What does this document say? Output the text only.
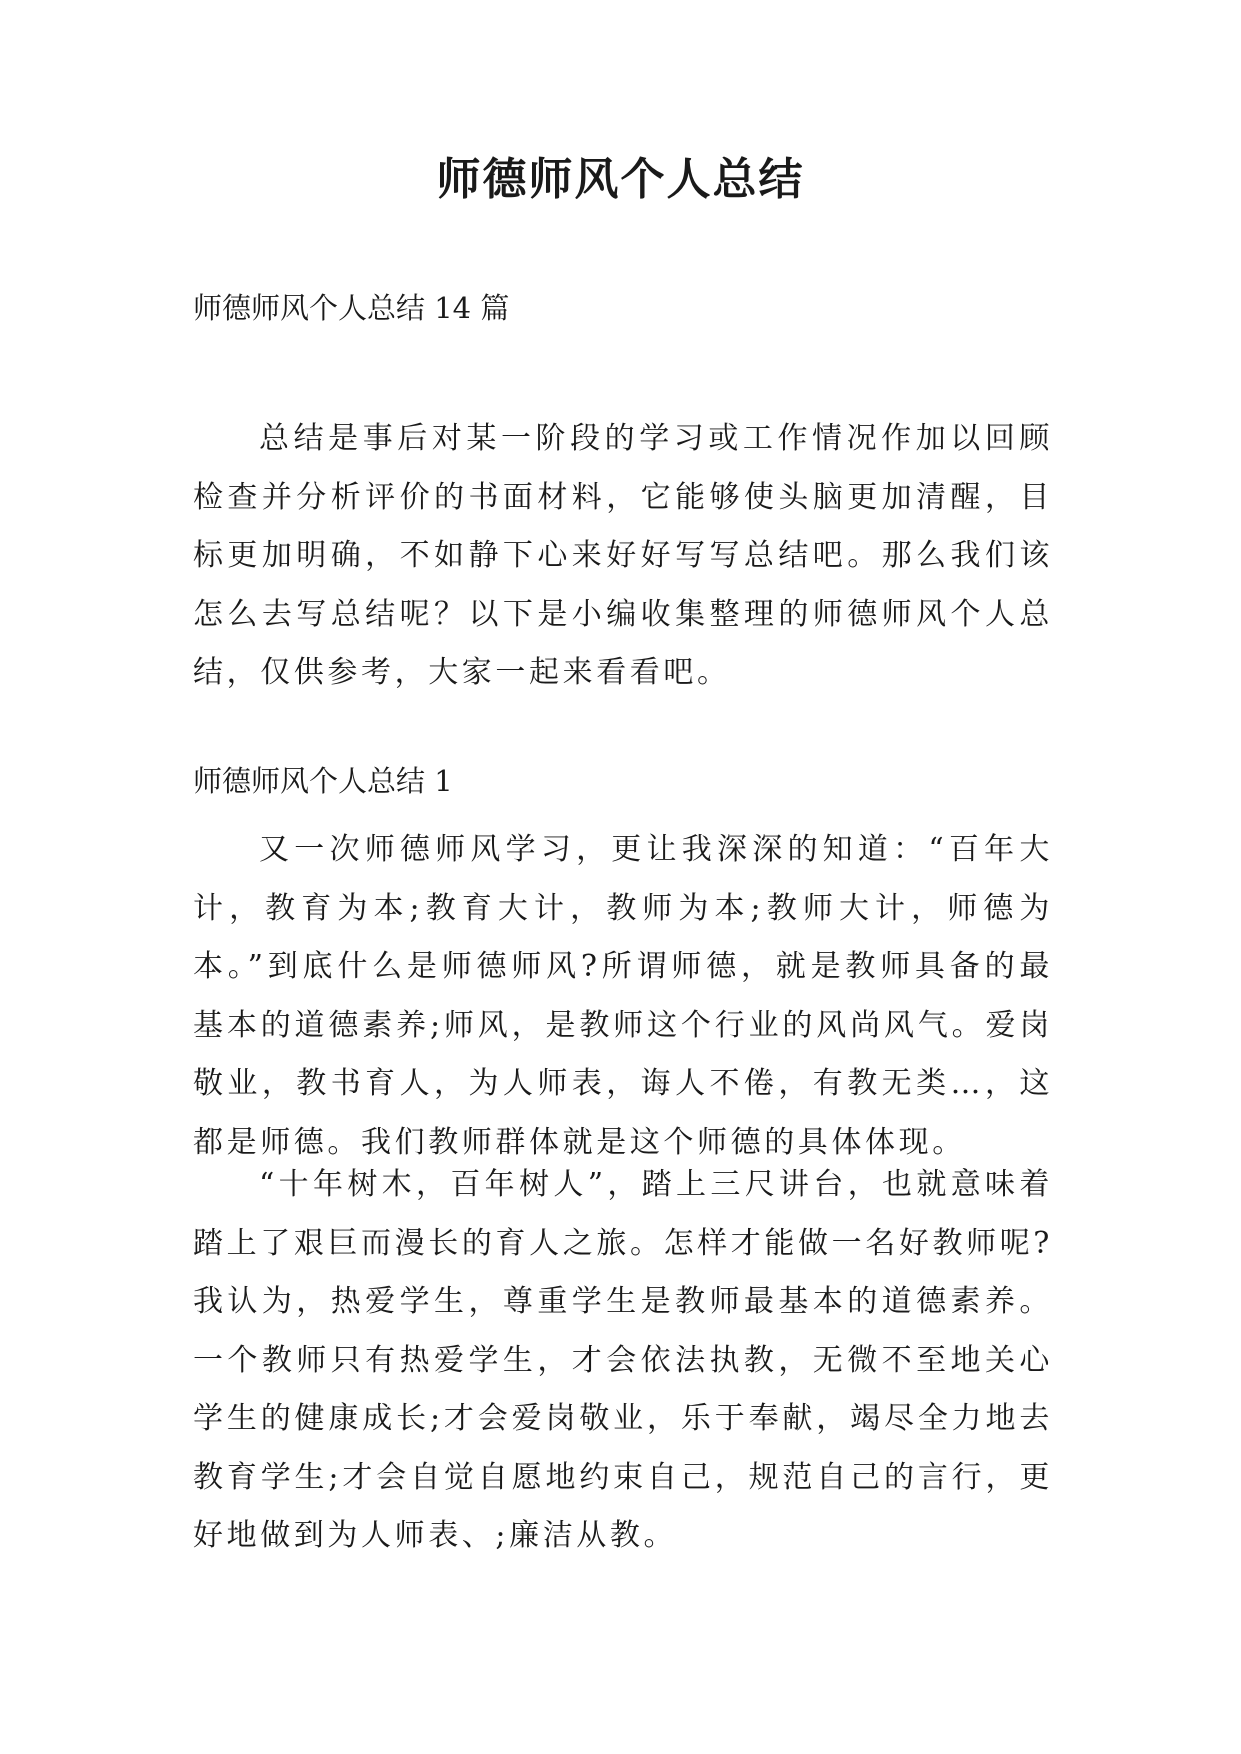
师德师风个人总结

师德师风个人总结 14 篇

总结是事后对某一阶段的学习或工作情况作加以回顾检查并分析评价的书面材料，它能够使头脑更加清醒，目标更加明确，不如静下心来好好写写总结吧。那么我们该怎么去写总结呢？以下是小编收集整理的师德师风个人总结，仅供参考，大家一起来看看吧。

师德师风个人总结 1

又一次师德师风学习，更让我深深的知道：“百年大计，教育为本;教育大计，教师为本;教师大计，师德为本。”到底什么是师德师风?所谓师德，就是教师具备的最基本的道德素养;师风，是教师这个行业的风尚风气。爱岗敬业，教书育人，为人师表，诲人不倦，有教无类…，这都是师德。我们教师群体就是这个师德的具体体现。

“十年树木，百年树人”，踏上三尺讲台，也就意味着踏上了艰巨而漫长的育人之旅。怎样才能做一名好教师呢?我认为，热爱学生，尊重学生是教师最基本的道德素养。一个教师只有热爱学生，才会依法执教，无微不至地关心学生的健康成长;才会爱岗敬业，乐于奉献，竭尽全力地去教育学生;才会自觉自愿地约束自己，规范自己的言行，更好地做到为人师表、;廉洁从教。
